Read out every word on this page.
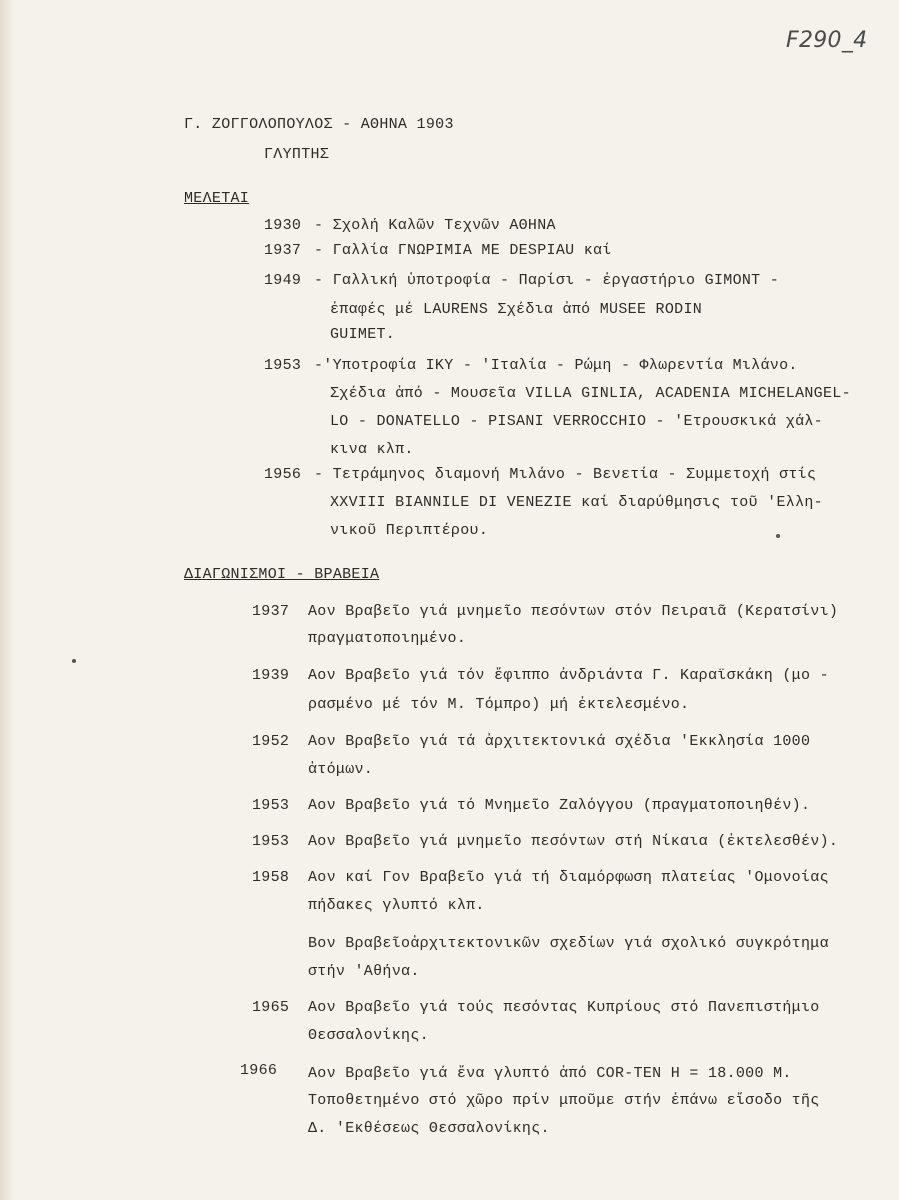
F290_4
Γ. ΖΟΓΓΟΛΟΠΟΥΛΟΣ - ΑΘΗΝΑ 1903
ΓΛΥΠΤΗΣ
ΜΕΛΕΤΑΙ
1930 - Σχολή Καλῶν Τεχνῶν ΑΘΗΝΑ
1937 - Γαλλία ΓΝΩΡΙΜΙΑ ΜΕ DESPIAU καί
1949 - Γαλλική ὑποτροφία - Παρίσι - ἐργαστήριο GIMONT -
ἐπαφές μέ LAURENS Σχέδια ἀπό MUSEE RODIN
GUIMET.
1953 -'Υποτροφία ΙΚΥ - 'Ιταλία - Ρώμη - Φλωρεντία Μιλάνο.
Σχέδια ἀπό - Μουσεῖα VILLA GINLIA, ACADENIA MICHELANGEL-
LO - DONATELLO - PISANI VERROCCHIO - 'Ετρουσκικά χάλ-
κινα κλπ.
1956 - Τετράμηνος διαμονή Μιλάνο - Βενετία - Συμμετοχή στίς
XXVIII BIANNILE DI VENEZIE καί διαρύθμησις τοῦ 'Ελλη-
νικοῦ Περιπτέρου.
ΔΙΑΓΩΝΙΣΜΟΙ - ΒΡΑΒΕΙΑ
1937 Αον Βραβεῖο γιά μνημεῖο πεσόντων στόν Πειραιᾶ (Κερατσίνι)
πραγματοποιημένο.
1939 Αον Βραβεῖο γιά τόν ἔφιππο ἀνδριάντα Γ. Καραϊσκάκη (μο -
ρασμένο μέ τόν Μ. Τόμπρο) μή ἐκτελεσμένο.
1952 Αον Βραβεῖο γιά τά ἀρχιτεκτονικά σχέδια 'Εκκλησία 1000
ἀτόμων.
1953 Αον Βραβεῖο γιά τό Μνημεῖο Ζαλόγγου (πραγματοποιηθέν).
1953 Αον Βραβεῖο γιά μνημεῖο πεσόντων στή Νίκαια (ἐκτελεσθέν).
1958 Αον καί Γον Βραβεῖο γιά τή διαμόρφωση πλατείας 'Ομονοίας
πήδακες γλυπτό κλπ.
Βον Βραβεῖοἀρχιτεκτονικῶν σχεδίων γιά σχολικό συγκρότημα
στήν 'Αθήνα.
1965 Αον Βραβεῖο γιά τούς πεσόντας Κυπρίους στό Πανεπιστήμιο
Θεσσαλονίκης.
1966 Αον Βραβεῖο γιά ἕνα γλυπτό ἀπό COR-TEN H = 18.000 M.
Τοποθετημένο στό χῶρο πρίν μποῦμε στήν ἐπάνω εἴσοδο τῆς
Δ. 'Εκθέσεως Θεσσαλονίκης.
